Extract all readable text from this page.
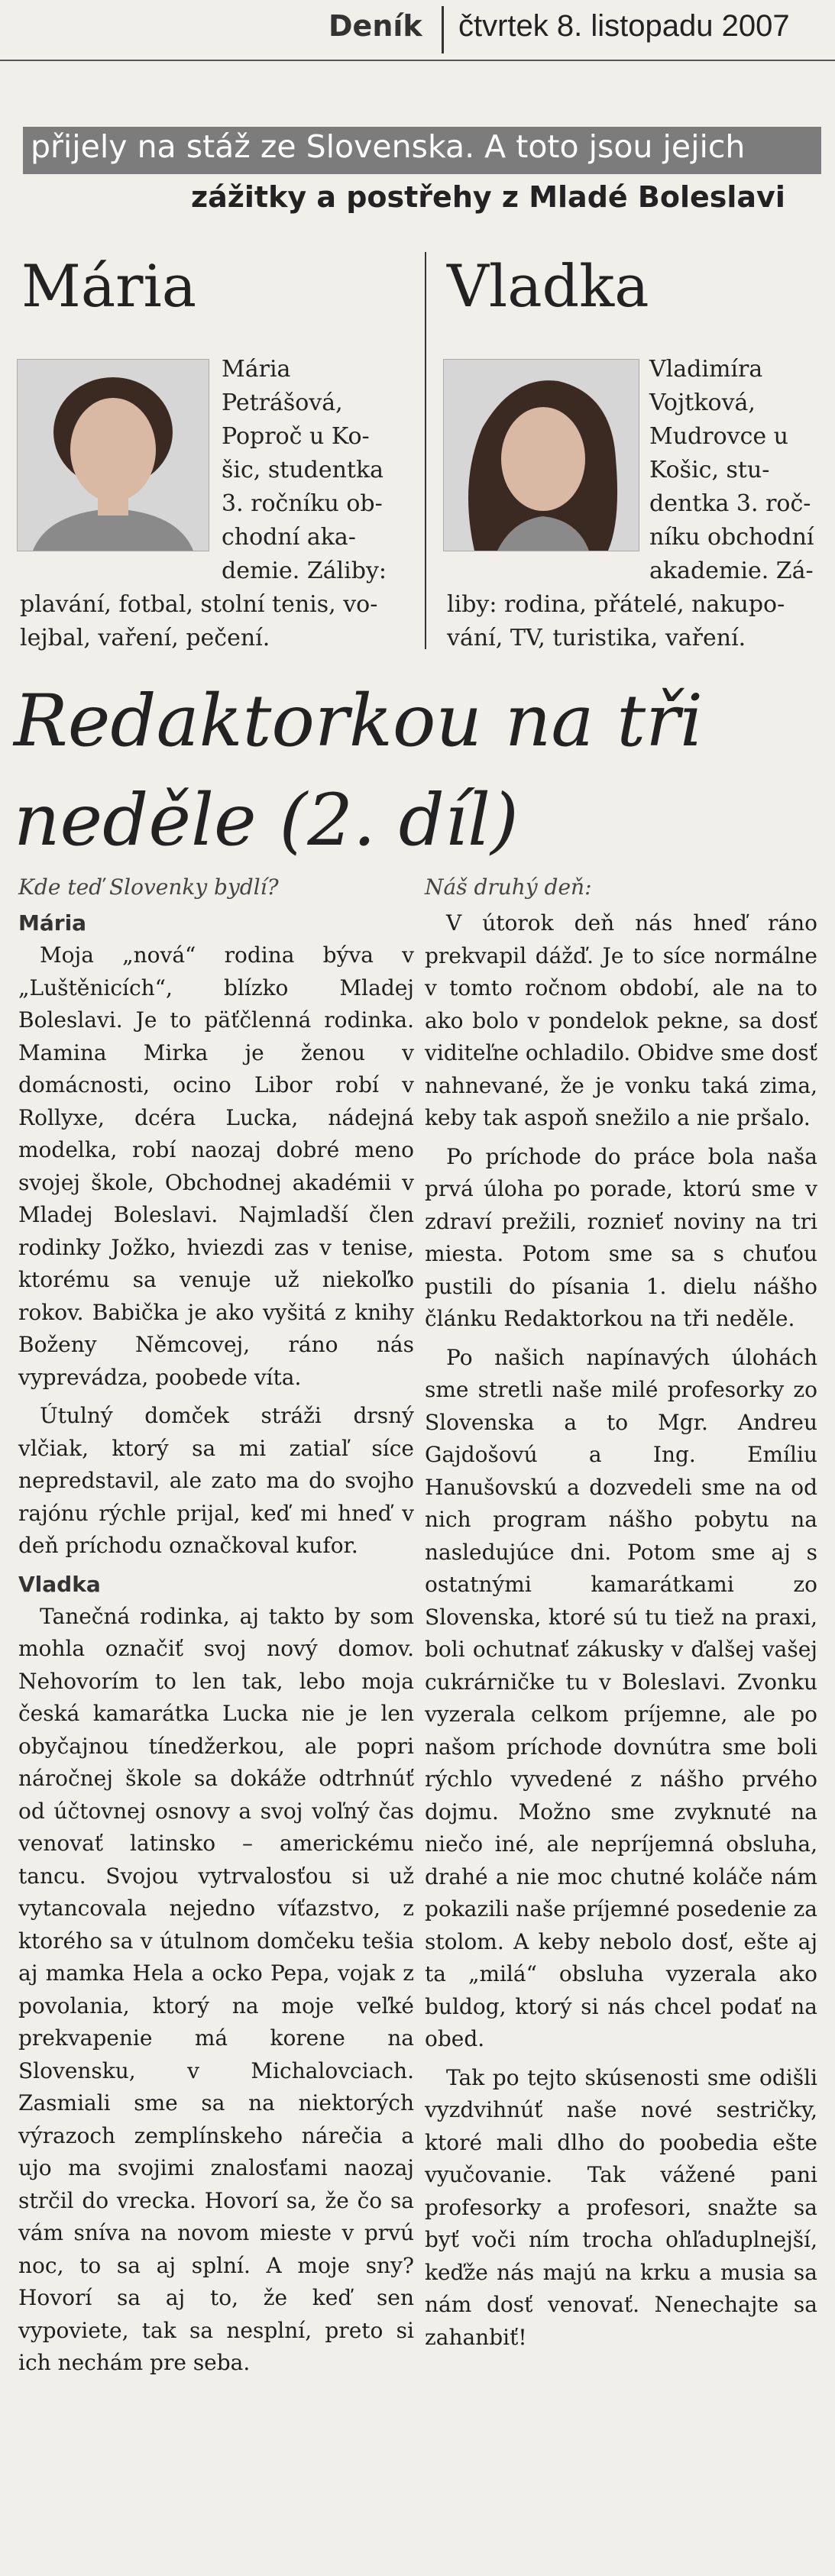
Deník čtvrtek 8. listopadu 2007
přijely na stáž ze Slovenska. A toto jsou jejich
zážitky a postřehy z Mladé Boleslavi
Mária	Vladka

Mária

Petrášová,

Poproč u Ko-

šic, studentka

3. ročníku ob-

chodní aka-

demie. Záliby:

plavání, fotbal, stolní tenis, vo-

lejbal, vaření, pečení.

Vladimíra

Vojtková,

Mudrovce u

Košic, stu-

dentka 3. roč-

níku obchodní

akademie. Zá-

liby: rodina, přátelé, nakupo-

vání, TV, turistika, vaření.

Redaktorkou na tři
neděle (2. díl)

Kde teď Slovenky bydlí?

Mária

Moja „nová“ rodina býva v „Luštěnicích“, blízko Mladej Boleslavi. Je to päťčlenná rodinka. Mamina Mirka je ženou v domácnosti, ocino Libor robí v Rollyxe, dcéra Lucka, nádejná modelka, robí naozaj dobré meno svojej škole, Obchodnej akadémii v Mladej Boleslavi. Najmladší člen rodinky Jožko, hviezdi zas v tenise, ktorému sa venuje už niekoľko rokov. Babička je ako vyšitá z knihy Boženy Němcovej, ráno nás vyprevádza, poobede víta.

Útulný domček stráži drsný vlčiak, ktorý sa mi zatiaľ síce nepredstavil, ale zato ma do svojho rajónu rýchle prijal, keď mi hneď v deň príchodu označkoval kufor.

Vladka

Tanečná rodinka, aj takto by som mohla označiť svoj nový domov. Nehovorím to len tak, lebo moja česká kamarátka Lucka nie je len obyčajnou tínedžerkou, ale popri náročnej škole sa dokáže odtrhnúť od účtovnej osnovy a svoj voľný čas venovať latinsko – americkému tancu. Svojou vytrvalosťou si už vytancovala nejedno víťazstvo, z ktorého sa v útulnom domčeku tešia aj mamka Hela a ocko Pepa, vojak z povolania, ktorý na moje veľké prekvapenie má korene na Slovensku, v Michalovciach. Zasmiali sme sa na niektorých výrazoch zemplínskeho nárečia a ujo ma svojimi znalosťami naozaj strčil do vrecka. Hovorí sa, že čo sa vám sníva na novom mieste v prvú noc, to sa aj splní. A moje sny? Hovorí sa aj to, že keď sen vypoviete, tak sa nesplní, preto si ich nechám pre seba.

Náš druhý deň:

V útorok deň nás hneď ráno prekvapil dážď. Je to síce normálne v tomto ročnom období, ale na to ako bolo v pondelok pekne, sa dosť viditeľne ochladilo. Obidve sme dosť nahnevané, že je vonku taká zima, keby tak aspoň snežilo a nie pršalo.

Po príchode do práce bola naša prvá úloha po porade, ktorú sme v zdraví prežili, roznieť noviny na tri miesta. Potom sme sa s chuťou pustili do písania 1. dielu nášho článku Redaktorkou na tři neděle.

Po našich napínavých úlohách sme stretli naše milé profesorky zo Slovenska a to Mgr. Andreu Gajdošovú a Ing. Emíliu Hanušovskú a dozvedeli sme na od nich program nášho pobytu na nasledujúce dni. Potom sme aj s ostatnými kamarátkami zo Slovenska, ktoré sú tu tiež na praxi, boli ochutnať zákusky v ďalšej vašej cukrárničke tu v Boleslavi. Zvonku vyzerala celkom príjemne, ale po našom príchode dovnútra sme boli rýchlo vyvedené z nášho prvého dojmu. Možno sme zvyknuté na niečo iné, ale nepríjemná obsluha, drahé a nie moc chutné koláče nám pokazili naše príjemné posedenie za stolom. A keby nebolo dosť, ešte aj ta „milá“ obsluha vyzerala ako buldog, ktorý si nás chcel podať na obed.

Tak po tejto skúsenosti sme odišli vyzdvihnúť naše nové sestričky, ktoré mali dlho do poobedia ešte vyučovanie. Tak vážené pani profesorky a profesori, snažte sa byť voči ním trocha ohľaduplnejší, keďže nás majú na krku a musia sa nám dosť venovať. Nenechajte sa zahanbiť!
